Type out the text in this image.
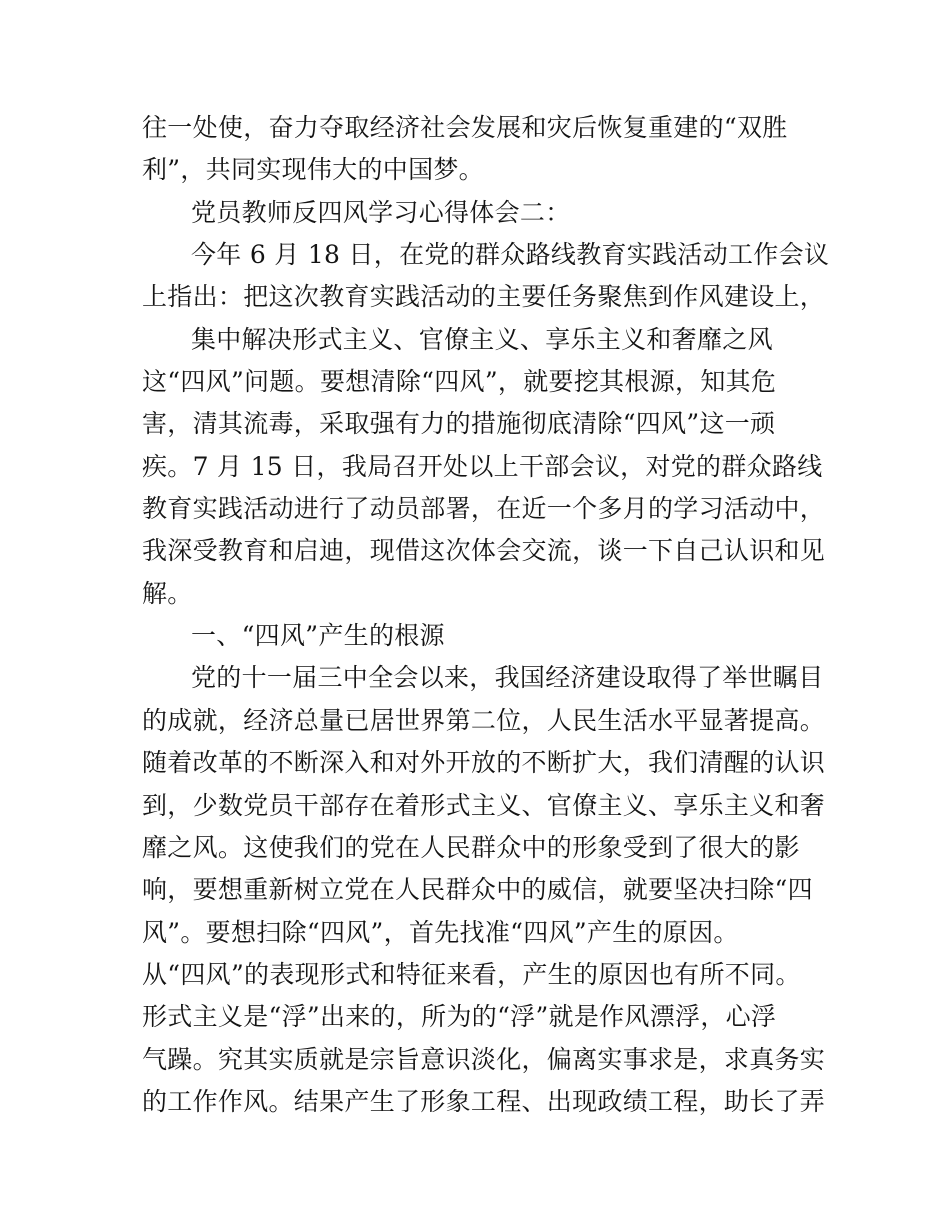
往一处使，奋力夺取经济社会发展和灾后恢复重建的“双胜
利”，共同实现伟大的中国梦。
党员教师反四风学习心得体会二：
今年 6 月 18 日，在党的群众路线教育实践活动工作会议
上指出：把这次教育实践活动的主要任务聚焦到作风建设上，
集中解决形式主义、官僚主义、享乐主义和奢靡之风
这“四风”问题。要想清除“四风”，就要挖其根源，知其危
害，清其流毒，采取强有力的措施彻底清除“四风”这一顽
疾。7 月 15 日，我局召开处以上干部会议，对党的群众路线
教育实践活动进行了动员部署，在近一个多月的学习活动中，
我深受教育和启迪，现借这次体会交流，谈一下自己认识和见
解。
一、“四风”产生的根源
党的十一届三中全会以来，我国经济建设取得了举世瞩目
的成就，经济总量已居世界第二位，人民生活水平显著提高。
随着改革的不断深入和对外开放的不断扩大，我们清醒的认识
到，少数党员干部存在着形式主义、官僚主义、享乐主义和奢
靡之风。这使我们的党在人民群众中的形象受到了很大的影
响，要想重新树立党在人民群众中的威信，就要坚决扫除“四
风”。要想扫除“四风”，首先找准“四风”产生的原因。
从“四风”的表现形式和特征来看，产生的原因也有所不同。
形式主义是“浮”出来的，所为的“浮”就是作风漂浮，心浮
气躁。究其实质就是宗旨意识淡化，偏离实事求是，求真务实
的工作作风。结果产生了形象工程、出现政绩工程，助长了弄
